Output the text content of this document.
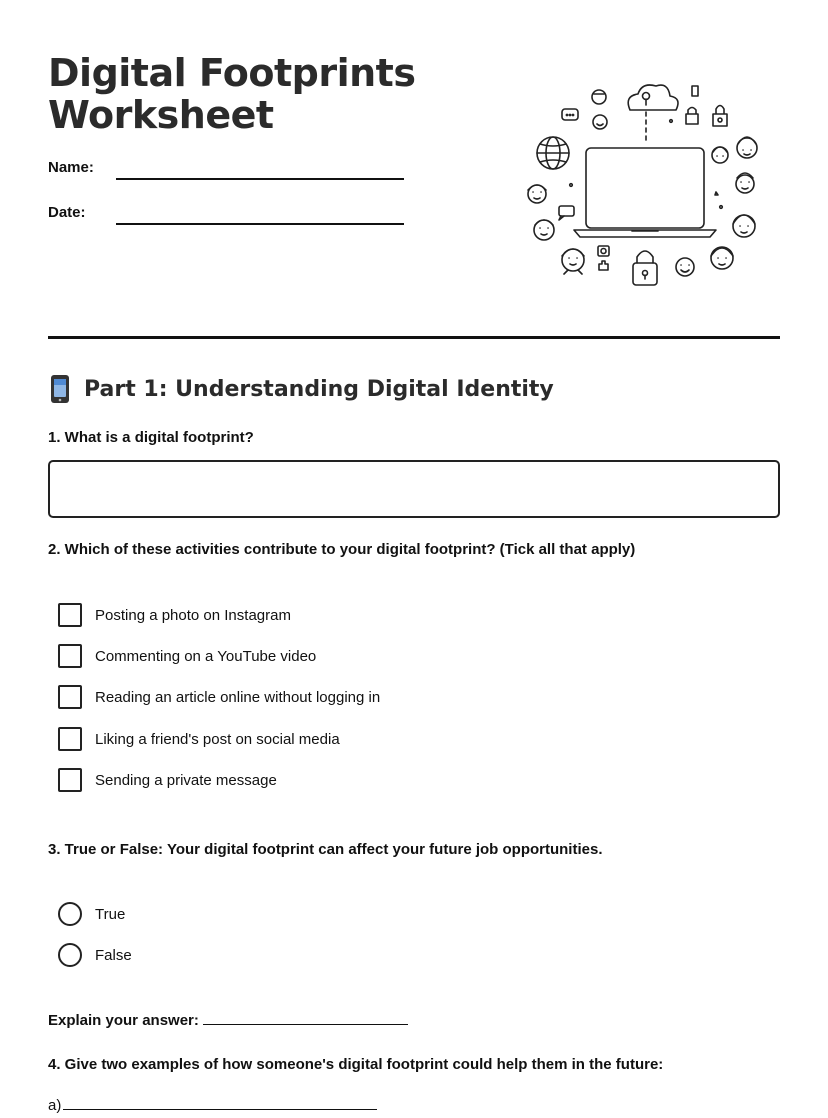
Digital Footprints
Worksheet
Name:
Date:
Part 1: Understanding Digital Identity
1. What is a digital footprint?
2. Which of these activities contribute to your digital footprint? (Tick all that apply)
Posting a photo on Instagram
Commenting on a YouTube video
Reading an article online without logging in
Liking a friend's post on social media
Sending a private message
3. True or False: Your digital footprint can affect your future job opportunities.
True
False
Explain your answer:
4. Give two examples of how someone's digital footprint could help them in the future:
a)
